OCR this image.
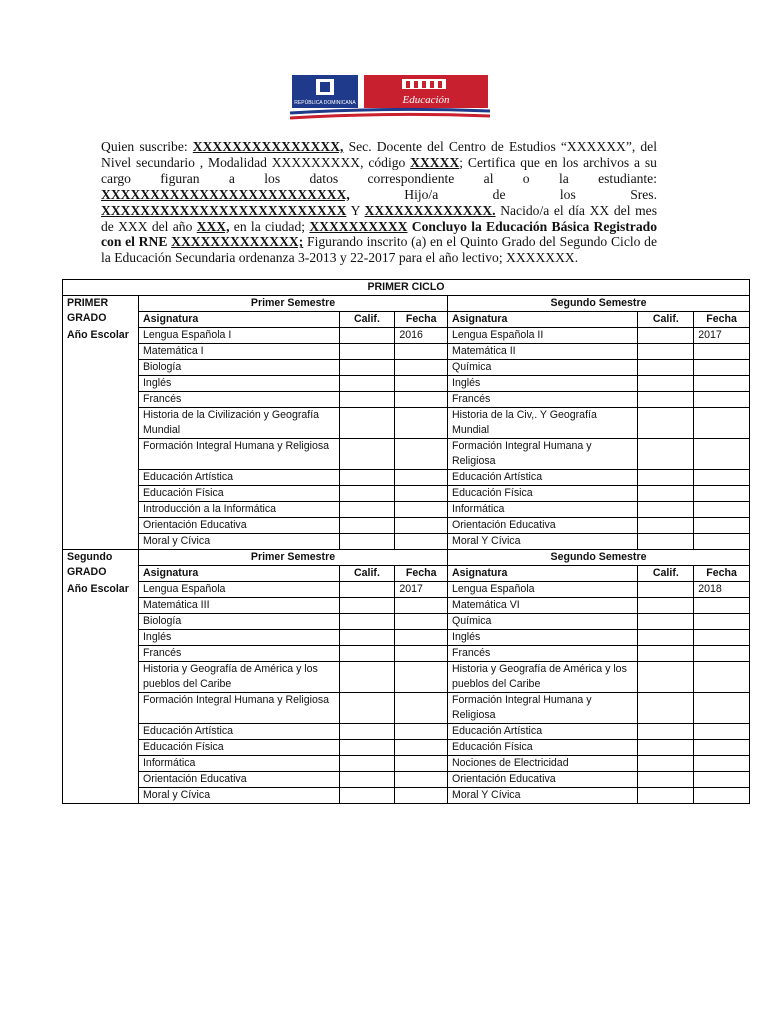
REPÚBLICA DOMINICANA	Educación
Quien suscribe: XXXXXXXXXXXXXXX, Sec. Docente del Centro de Estudios “XXXXXX”, del Nivel secundario , Modalidad XXXXXXXXX, código XXXXX; Certifica que en los archivos a su cargo figuran a los datos correspondiente al o la estudiante: XXXXXXXXXXXXXXXXXXXXXXXXX, Hijo/a de los Sres. XXXXXXXXXXXXXXXXXXXXXXXXX Y XXXXXXXXXXXXX. Nacido/a el día XX del mes de XXX del año XXX, en la ciudad; XXXXXXXXXX Concluyo la Educación Básica Registrado con el RNE XXXXXXXXXXXXX; Figurando inscrito (a) en el Quinto Grado del Segundo Ciclo de la Educación Secundaria ordenanza 3-2013 y 22-2017 para el año lectivo; XXXXXXX.
PRIMER CICLO						
PRIMER GRADO	Primer Semestre			Segundo Semestre		
	Asignatura	Calif.	Fecha	Asignatura	Calif.	Fecha
Año Escolar	Lengua Española I		2016	Lengua Española II		2017
	Matemática I			Matemática II		
	Biología			Química		
	Inglés			Inglés		
	Francés			Francés		
	Historia de la Civilización y Geografía Mundial			Historia de la Civ,. Y Geografía Mundial		
	Formación Integral Humana y Religiosa			Formación Integral Humana y Religiosa		
	Educación Artística			Educación Artística		
	Educación Física			Educación Física		
	Introducción a la Informática			Informática		
	Orientación Educativa			Orientación Educativa		
	Moral y Cívica			Moral Y Cívica		
Segundo GRADO	Primer Semestre			Segundo Semestre		
	Asignatura	Calif.	Fecha	Asignatura	Calif.	Fecha
Año Escolar	Lengua Española		2017	Lengua Española		2018
	Matemática III			Matemática VI		
	Biología			Química		
	Inglés			Inglés		
	Francés			Francés		
	Historia y Geografía de América y los pueblos del Caribe			Historia y Geografía de América y los pueblos del Caribe		
	Formación Integral Humana y Religiosa			Formación Integral Humana y Religiosa		
	Educación Artística			Educación Artística		
	Educación Física			Educación Física		
	Informática			Nociones de Electricidad		
	Orientación Educativa			Orientación Educativa		
	Moral y Cívica			Moral Y Cívica		
